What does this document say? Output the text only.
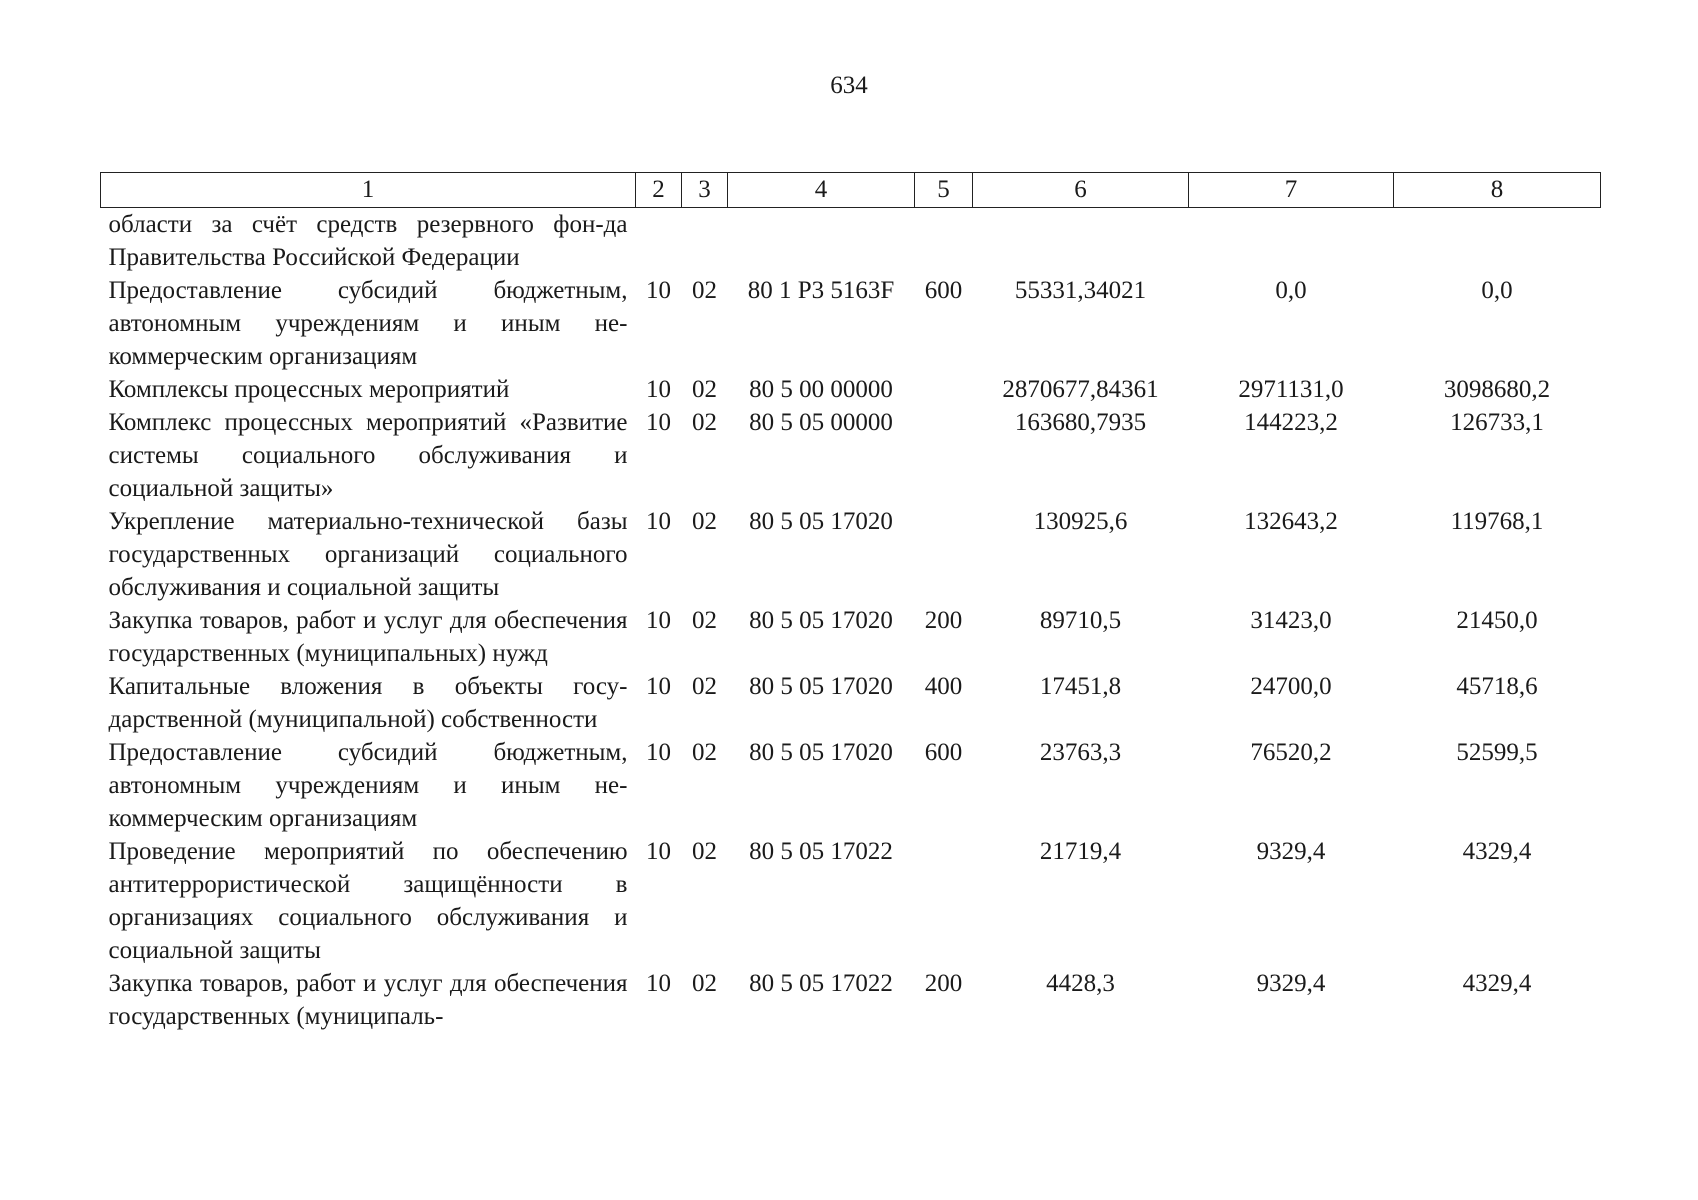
634
1	2	3	4	5	6	7	8
области за счёт средств резервного фон-да Правительства Российской Федерации							
Предоставление субсидий бюджетным, автономным учреждениям и иным некоммерческим организациям	10	02	80 1 Р3 5163F	600	55331,34021	0,0	0,0
Комплексы процессных мероприятий	10	02	80 5 00 00000		2870677,84361	2971131,0	3098680,2
Комплекс процессных мероприятий «Развитие системы социального обслуживания и социальной защиты»	10	02	80 5 05 00000		163680,7935	144223,2	126733,1
Укрепление материально-технической базы государственных организаций социального обслуживания и социальной защиты	10	02	80 5 05 17020		130925,6	132643,2	119768,1
Закупка товаров, работ и услуг для обеспечения государственных (муниципальных) нужд	10	02	80 5 05 17020	200	89710,5	31423,0	21450,0
Капитальные вложения в объекты государственной (муниципальной) собственности	10	02	80 5 05 17020	400	17451,8	24700,0	45718,6
Предоставление субсидий бюджетным, автономным учреждениям и иным некоммерческим организациям	10	02	80 5 05 17020	600	23763,3	76520,2	52599,5
Проведение мероприятий по обеспечению антитеррористической защищённости в организациях социального обслуживания и социальной защиты	10	02	80 5 05 17022		21719,4	9329,4	4329,4
Закупка товаров, работ и услуг для обеспечения государственных (муниципаль-	10	02	80 5 05 17022	200	4428,3	9329,4	4329,4
